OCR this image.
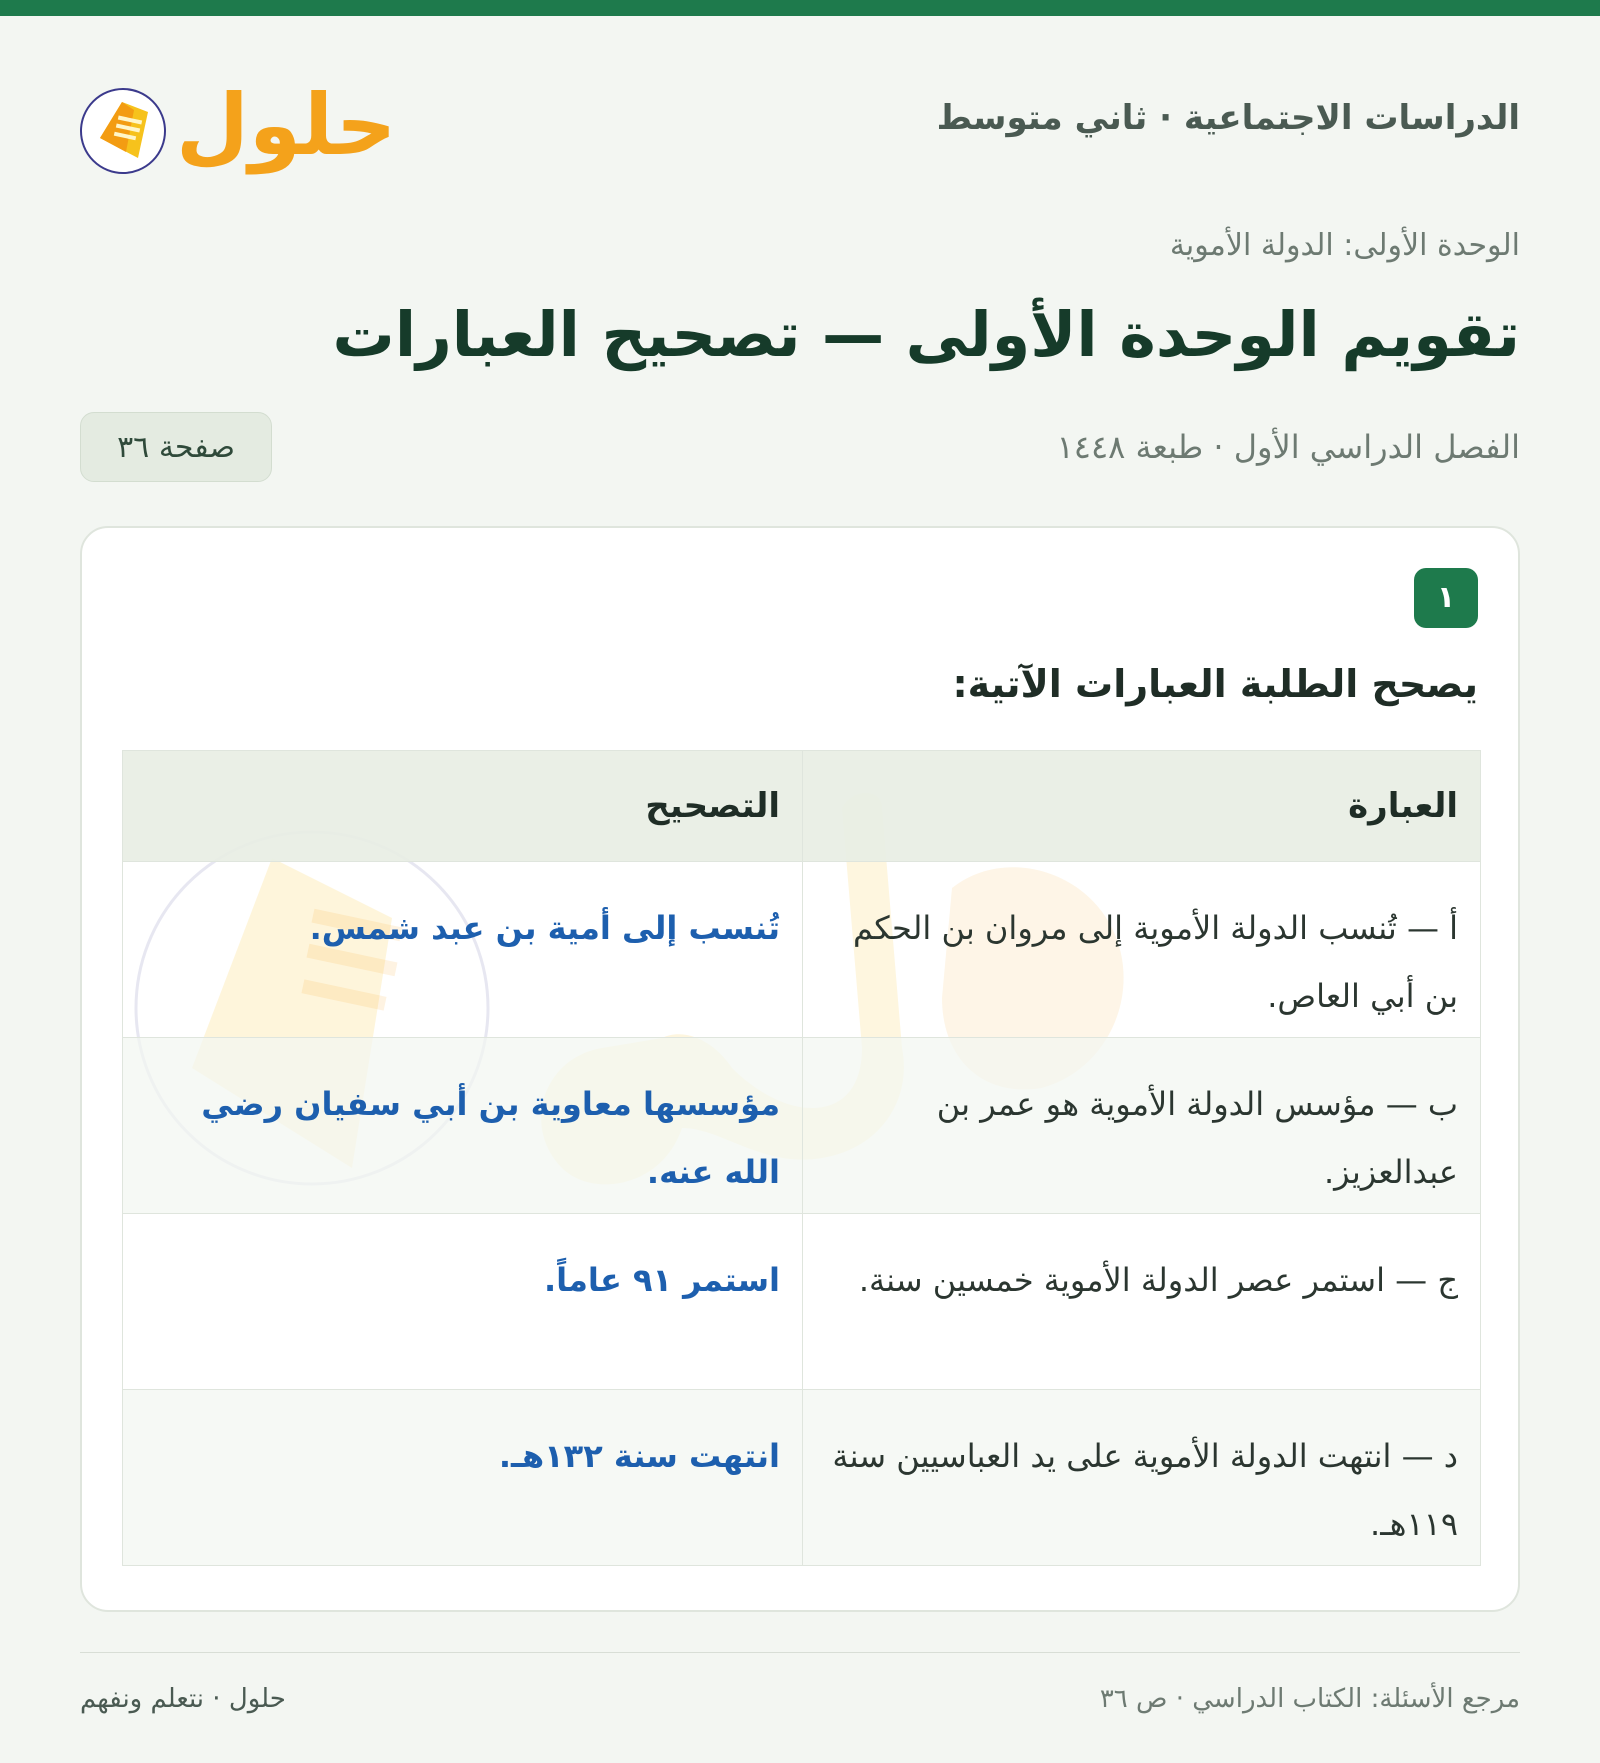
الدراسات الاجتماعية · ثاني متوسط
حلول
الوحدة الأولى: الدولة الأموية
تقويم الوحدة الأولى — تصحيح العبارات
الفصل الدراسي الأول · طبعة ١٤٤٨
صفحة ٣٦
١
يصحح الطلبة العبارات الآتية:
العبارة	التصحيح
أ — تُنسب الدولة الأموية إلى مروان بن الحكم بن أبي العاص.	تُنسب إلى أمية بن عبد شمس.
ب — مؤسس الدولة الأموية هو عمر بن عبدالعزيز.	مؤسسها معاوية بن أبي سفيان رضي الله عنه.
ج — استمر عصر الدولة الأموية خمسين سنة.	استمر ٩١ عاماً.
د — انتهت الدولة الأموية على يد العباسيين سنة ١١٩هـ.	انتهت سنة ١٣٢هـ.
مرجع الأسئلة: الكتاب الدراسي · ص ٣٦
حلول · نتعلم ونفهم
